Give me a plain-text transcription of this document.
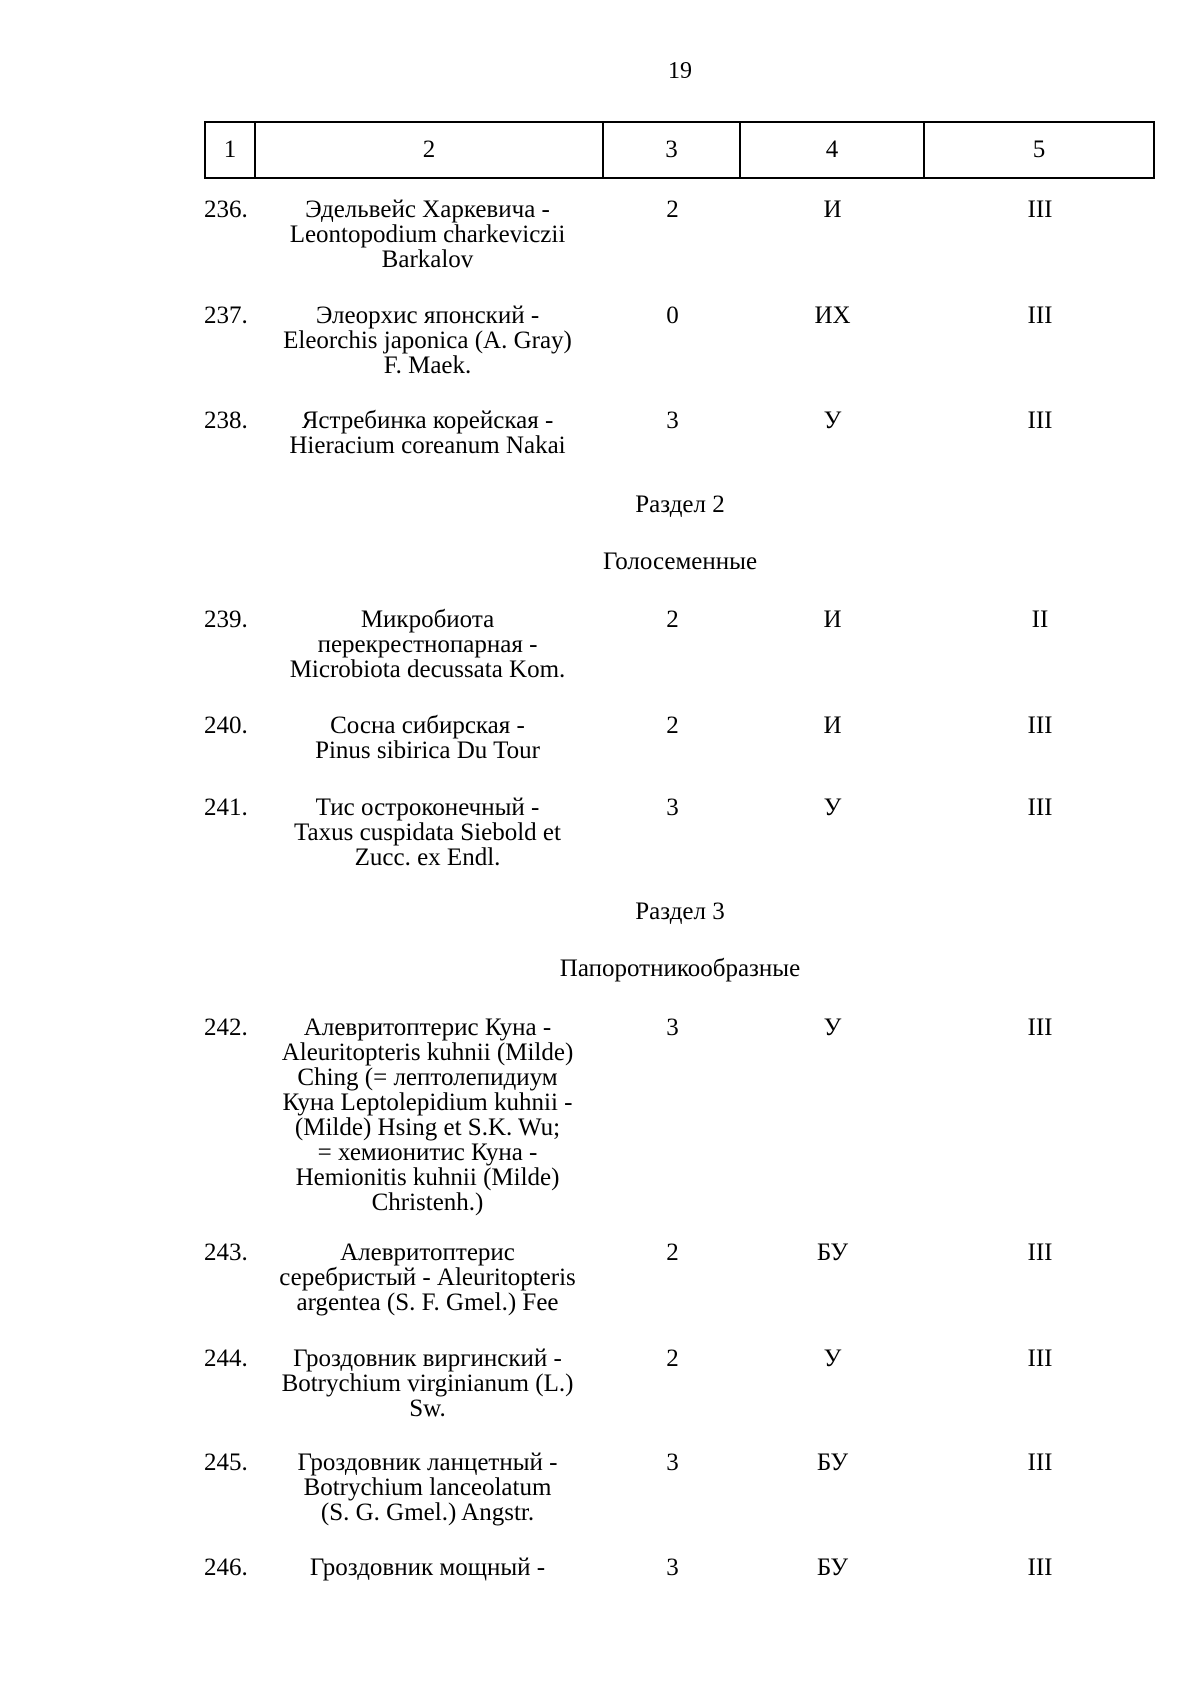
19
1	2	3	4	5
236.	Эдельвейс Харкевича -
Leontopodium charkeviczii
Barkalov
2	И	III
237.	Элеорхис японский -
Eleorchis japonica (A. Gray)
F. Maek.
0	ИХ	III
238.	Ястребинка корейская -
Hieracium coreanum Nakai
3	У	III
Раздел 2
Голосеменные
239.	Микробиота
перекрестнопарная -
Microbiota decussata Kom.
2	И	II
240.	Сосна сибирская -
Pinus sibirica Du Tour
2	И	III
241.	Тис остроконечный -
Taxus cuspidata Siebold et
Zucc. ex Endl.
3	У	III
Раздел 3
Папоротникообразные
242.	Алевритоптерис Куна -
Aleuritopteris kuhnii (Milde)
Ching (= лептолепидиум
Куна Leptolepidium kuhnii -
(Milde) Hsing et S.K. Wu;
= хемионитис Куна -
Hemionitis kuhnii (Milde)
Christenh.)
3	У	III
243.	Алевритоптерис
серебристый - Aleuritopteris
argentea (S. F. Gmel.) Fee
2	БУ	III
244.	Гроздовник виргинский -
Botrychium virginianum (L.)
Sw.
2	У	III
245.	Гроздовник ланцетный -
Botrychium lanceolatum
(S. G. Gmel.) Angstr.
3	БУ	III
246.	Гроздовник мощный -	3	БУ	III
